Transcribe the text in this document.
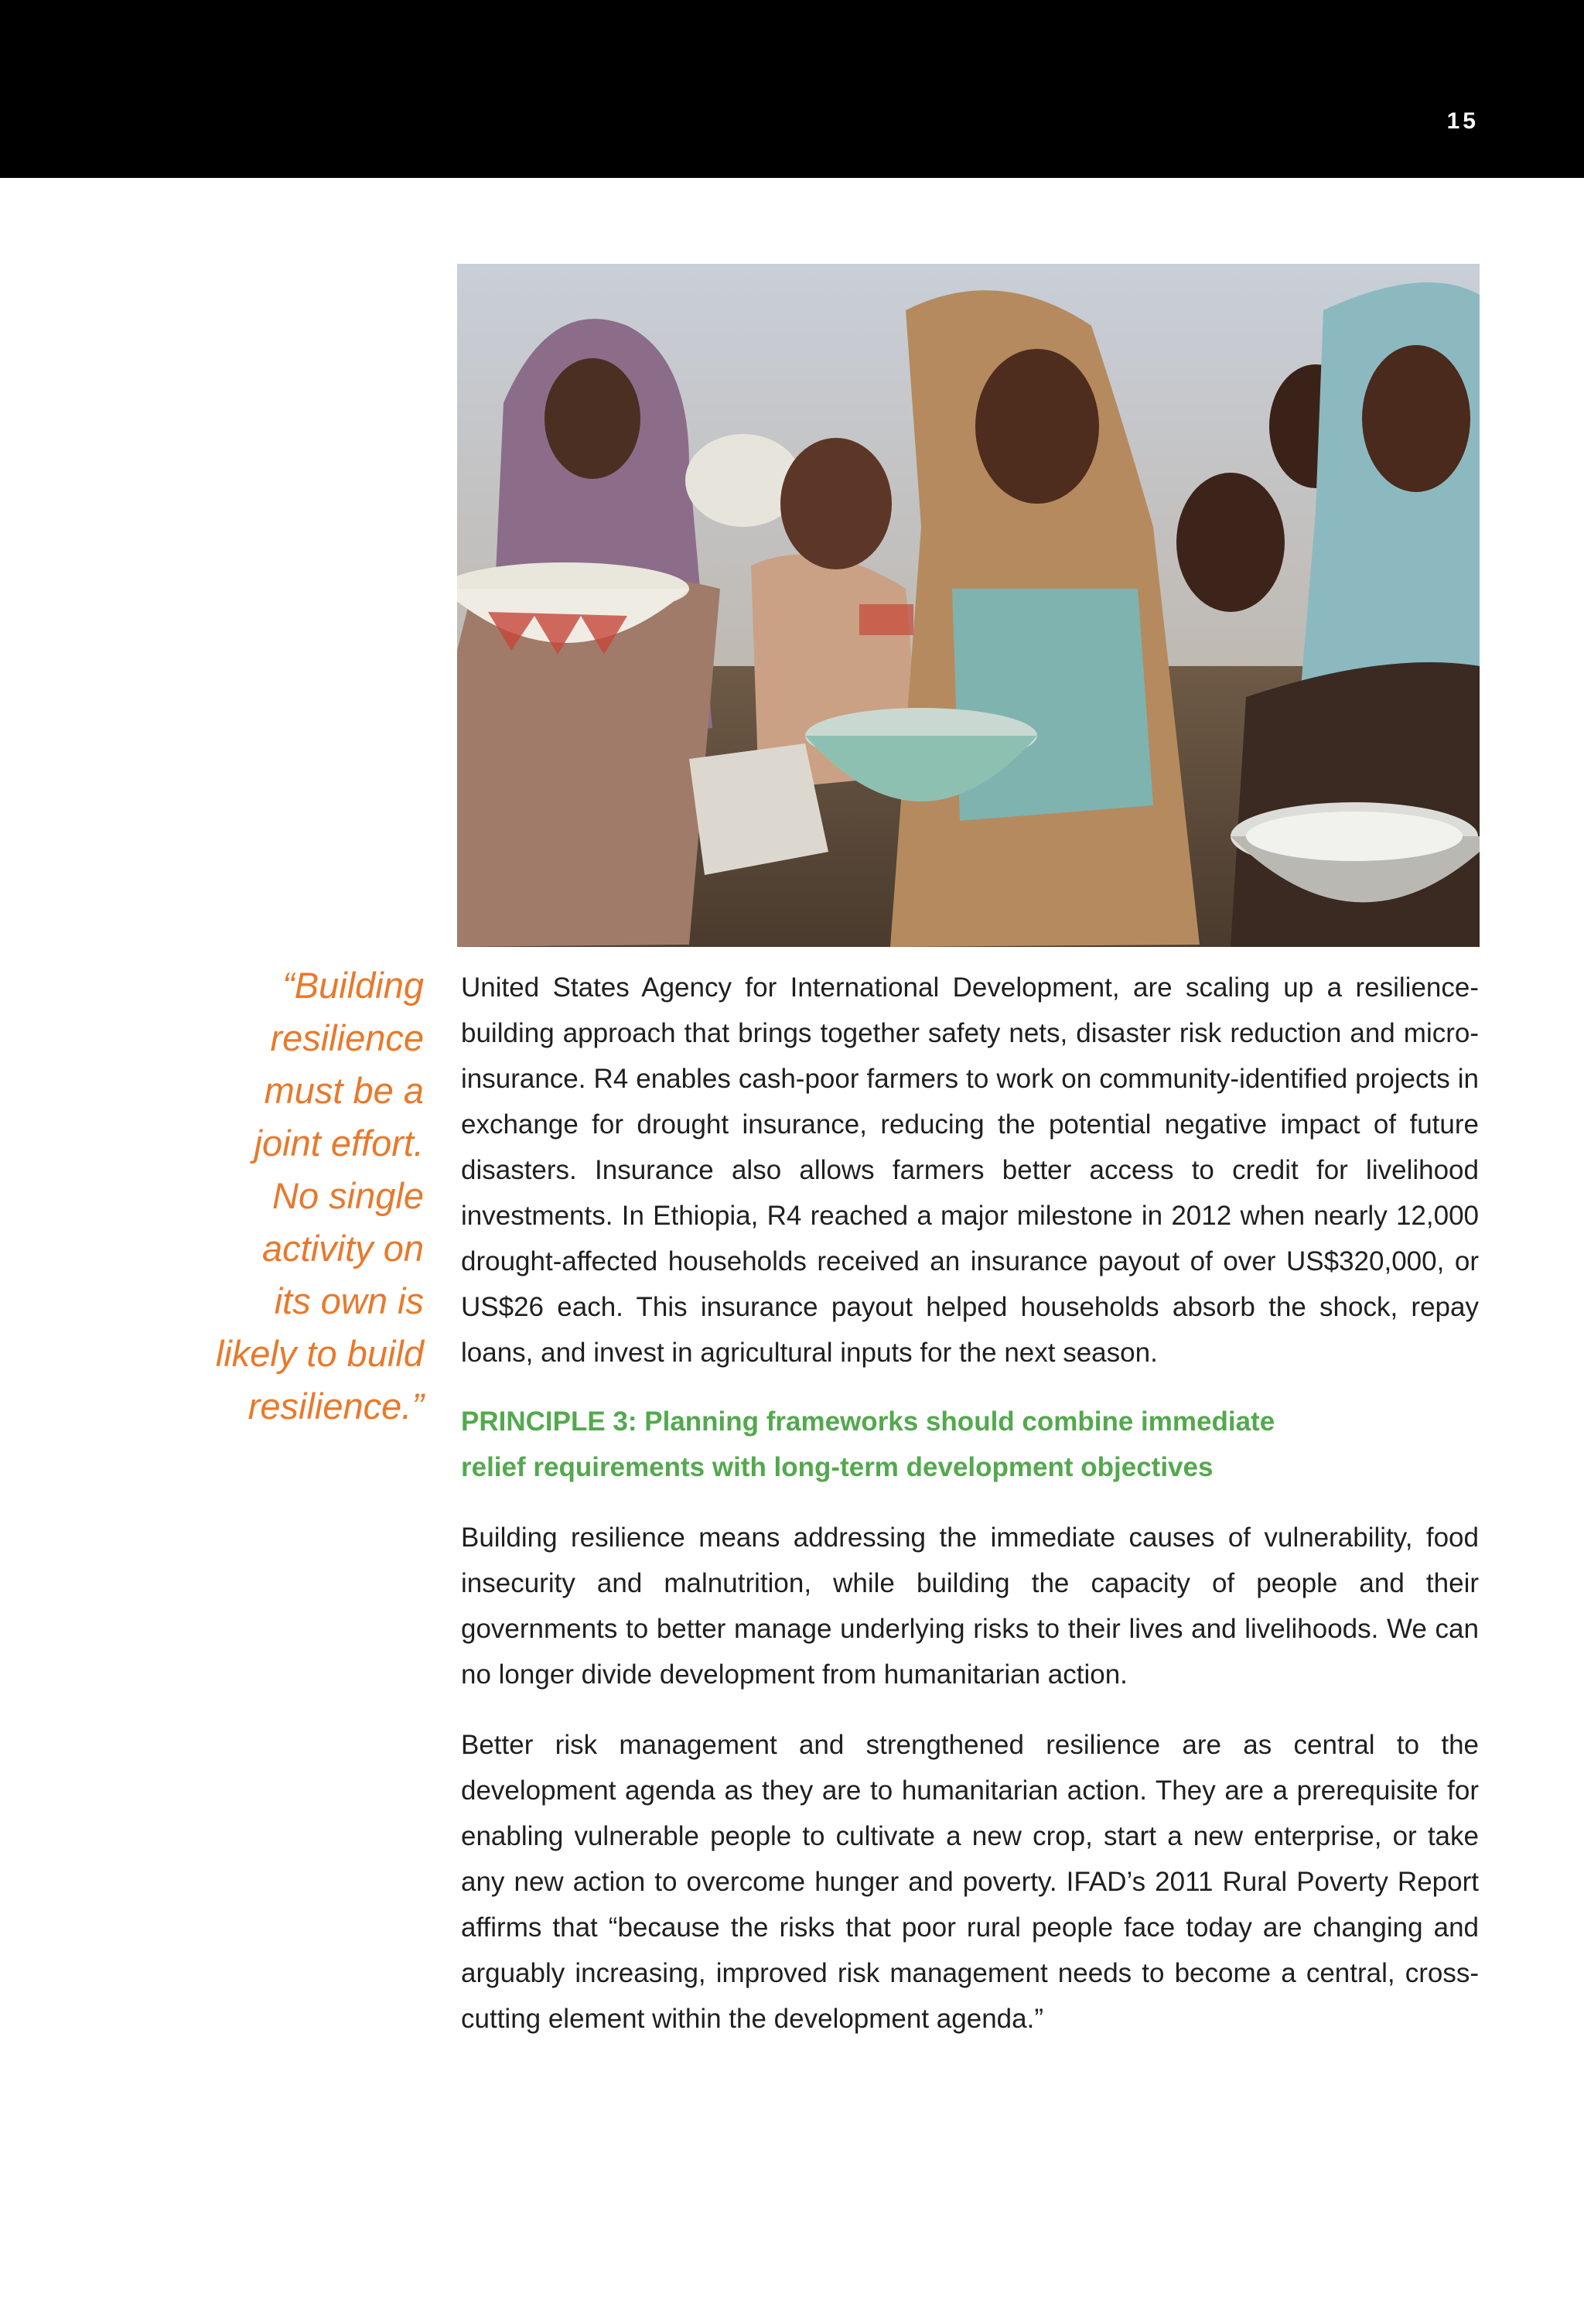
15
“Building
resilience
must be a
joint effort.
No single
activity on
its own is
likely to build
resilience.”

United States Agency for International Development, are scaling up a resilience-building approach that brings together safety nets, disaster risk reduction and micro-insurance. R4 enables cash-poor farmers to work on community-identified projects in exchange for drought insurance, reducing the potential negative impact of future disasters. Insurance also allows farmers better access to credit for livelihood investments. In Ethiopia, R4 reached a major milestone in 2012 when nearly 12,000 drought-affected households received an insurance payout of over US$320,000, or US$26 each. This insurance payout helped households absorb the shock, repay loans, and invest in agricultural inputs for the next season.

PRINCIPLE 3: Planning frameworks should combine immediate
relief requirements with long-term development objectives

Building resilience means addressing the immediate causes of vulnerability, food insecurity and malnutrition, while building the capacity of people and their governments to better manage underlying risks to their lives and livelihoods. We can no longer divide development from humanitarian action.

Better risk management and strengthened resilience are as central to the development agenda as they are to humanitarian action. They are a prerequisite for enabling vulnerable people to cultivate a new crop, start a new enterprise, or take any new action to overcome hunger and poverty. IFAD’s 2011 Rural Poverty Report affirms that “because the risks that poor rural people face today are changing and arguably increasing, improved risk management needs to become a central, cross-cutting element within the development agenda.”
